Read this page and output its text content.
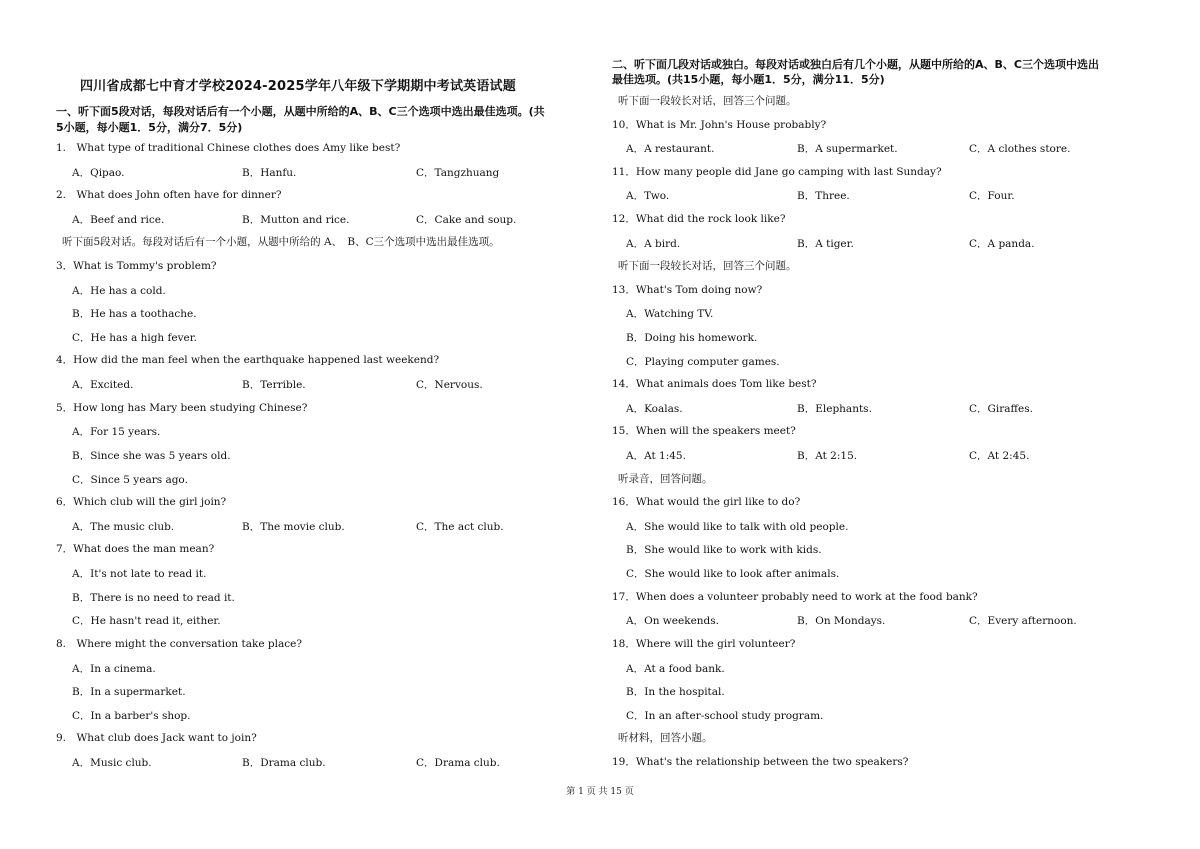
四川省成都七中育才学校2024-2025学年八年级下学期期中考试英语试题
一、听下面5段对话，每段对话后有一个小题，从题中所给的A、B、C三个选项中选出最佳选项。(共
5小题，每小题1．5分，满分7．5分)
1.　What type of traditional Chinese clothes does Amy like best?
A．Qipao.	B．Hanfu.	C．Tangzhuang
2.　What does John often have for dinner?
A．Beef and rice.	B．Mutton and rice.	C．Cake and soup.
听下面5段对话。每段对话后有一个小题，从题中所给的 A、　B、C三个选项中选出最佳选项。
3．What is Tommy's problem?
A．He has a cold.
B．He has a toothache.
C．He has a high fever.
4．How did the man feel when the earthquake happened last weekend?
A．Excited.	B．Terrible.	C．Nervous.
5．How long has Mary been studying Chinese?
A．For 15 years.
B．Since she was 5 years old.
C．Since 5 years ago.
6．Which club will the girl join?
A．The music club.	B．The movie club.	C．The act club.
7．What does the man mean?
A．It's not late to read it.
B．There is no need to read it.
C．He hasn't read it, either.
8.　Where might the conversation take place?
A．In a cinema.
B．In a supermarket.
C．In a barber's shop.
9.　What club does Jack want to join?
A．Music club.	B．Drama club.	C．Drama club.
二、听下面几段对话或独白。每段对话或独白后有几个小题，从题中所给的A、B、C三个选项中选出
最佳选项。(共15小题，每小题1．5分，满分11．5分)
听下面一段较长对话，回答三个问题。
10．What is Mr. John's House probably?
A．A restaurant.	B．A supermarket.	C．A clothes store.
11．How many people did Jane go camping with last Sunday?
A．Two.	B．Three.	C．Four.
12．What did the rock look like?
A．A bird.	B．A tiger.	C．A panda.
听下面一段较长对话，回答三个问题。
13．What's Tom doing now?
A．Watching TV.
B．Doing his homework.
C．Playing computer games.
14．What animals does Tom like best?
A．Koalas.	B．Elephants.	C．Giraffes.
15．When will the speakers meet?
A．At 1:45.	B．At 2:15.	C．At 2:45.
听录音，回答问题。
16．What would the girl like to do?
A．She would like to talk with old people.
B．She would like to work with kids.
C．She would like to look after animals.
17．When does a volunteer probably need to work at the food bank?
A．On weekends.	B．On Mondays.	C．Every afternoon.
18．Where will the girl volunteer?
A．At a food bank.
B．In the hospital.
C．In an after-school study program.
听材料，回答小题。
19．What's the relationship between the two speakers?
第 1 页 共 15 页
